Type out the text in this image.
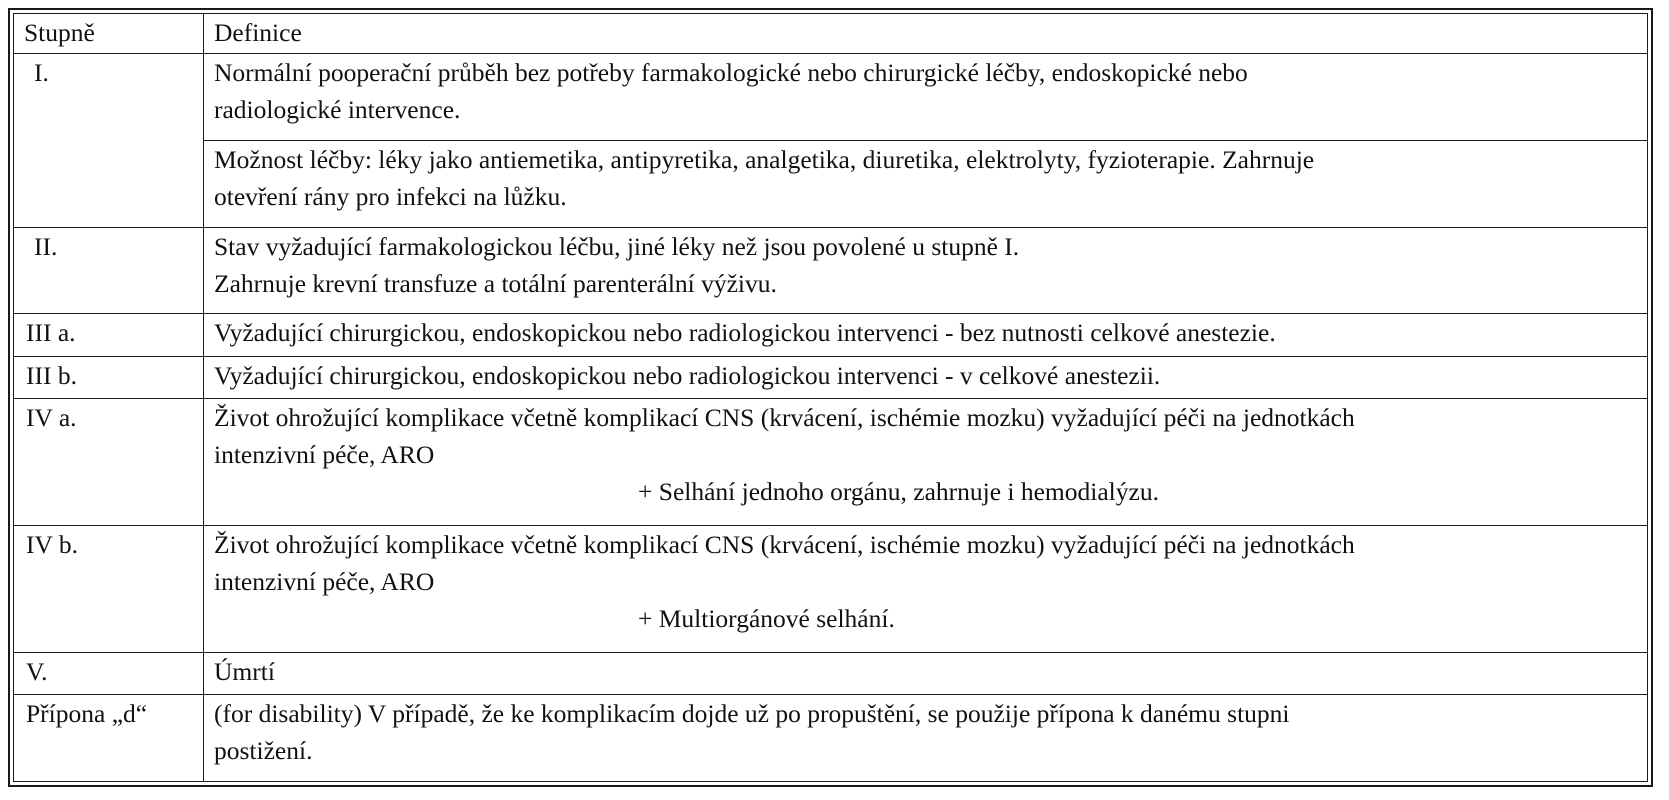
Stupně	Definice
I.	Normální pooperační průběh bez potřeby farmakologické nebo chirurgické léčby, endoskopické nebo
radiologické intervence.

	Možnost léčby: léky jako antiemetika, antipyretika, analgetika, diuretika, elektrolyty, fyzioterapie. Zahrnuje
otevření rány pro infekci na lůžku.

II.	Stav vyžadující farmakologickou léčbu, jiné léky než jsou povolené u stupně I.
Zahrnuje krevní transfuze a totální parenterální výživu.

III a.	Vyžadující chirurgickou, endoskopickou nebo radiologickou intervenci - bez nutnosti celkové anestezie.

III b.	Vyžadující chirurgickou, endoskopickou nebo radiologickou intervenci - v celkové anestezii.

IV a.	Život ohrožující komplikace včetně komplikací CNS (krvácení, ischémie mozku) vyžadující péči na jednotkách
intenzivní péče, ARO
+ Selhání jednoho orgánu, zahrnuje i hemodialýzu.

IV b.	Život ohrožující komplikace včetně komplikací CNS (krvácení, ischémie mozku) vyžadující péči na jednotkách
intenzivní péče, ARO
+ Multiorgánové selhání.

V.	Úmrtí

Přípona „d“	(for disability) V případě, že ke komplikacím dojde už po propuštění, se použije přípona k danému stupni
postižení.
